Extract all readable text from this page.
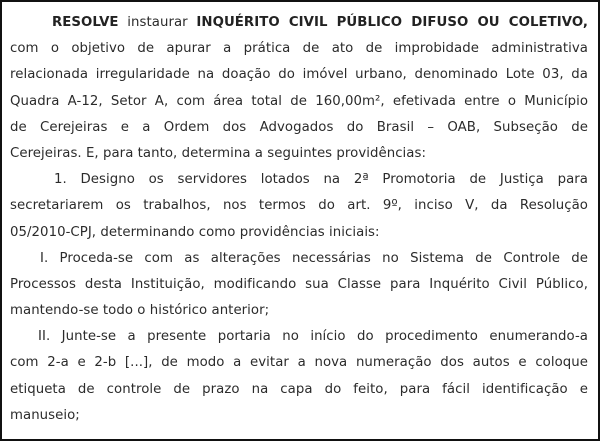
RESOLVE instaurar INQUÉRITO CIVIL PÚBLICO DIFUSO OU COLETIVO,
com o objetivo de apurar a prática de ato de improbidade administrativa
relacionada irregularidade na doação do imóvel urbano, denominado Lote 03, da
Quadra A-12, Setor A, com área total de 160,00m², efetivada entre o Município
de Cerejeiras e a Ordem dos Advogados do Brasil – OAB, Subseção de
Cerejeiras. E, para tanto, determina a seguintes providências:
1. Designo os servidores lotados na 2ª Promotoria de Justiça para
secretariarem os trabalhos, nos termos do art. 9º, inciso V, da Resolução
05/2010-CPJ, determinando como providências iniciais:
I. Proceda-se com as alterações necessárias no Sistema de Controle de
Processos desta Instituição, modificando sua Classe para Inquérito Civil Público,
mantendo-se todo o histórico anterior;
II. Junte-se a presente portaria no início do procedimento enumerando-a
com 2-a e 2-b [...], de modo a evitar a nova numeração dos autos e coloque
etiqueta de controle de prazo na capa do feito, para fácil identificação e
manuseio;
